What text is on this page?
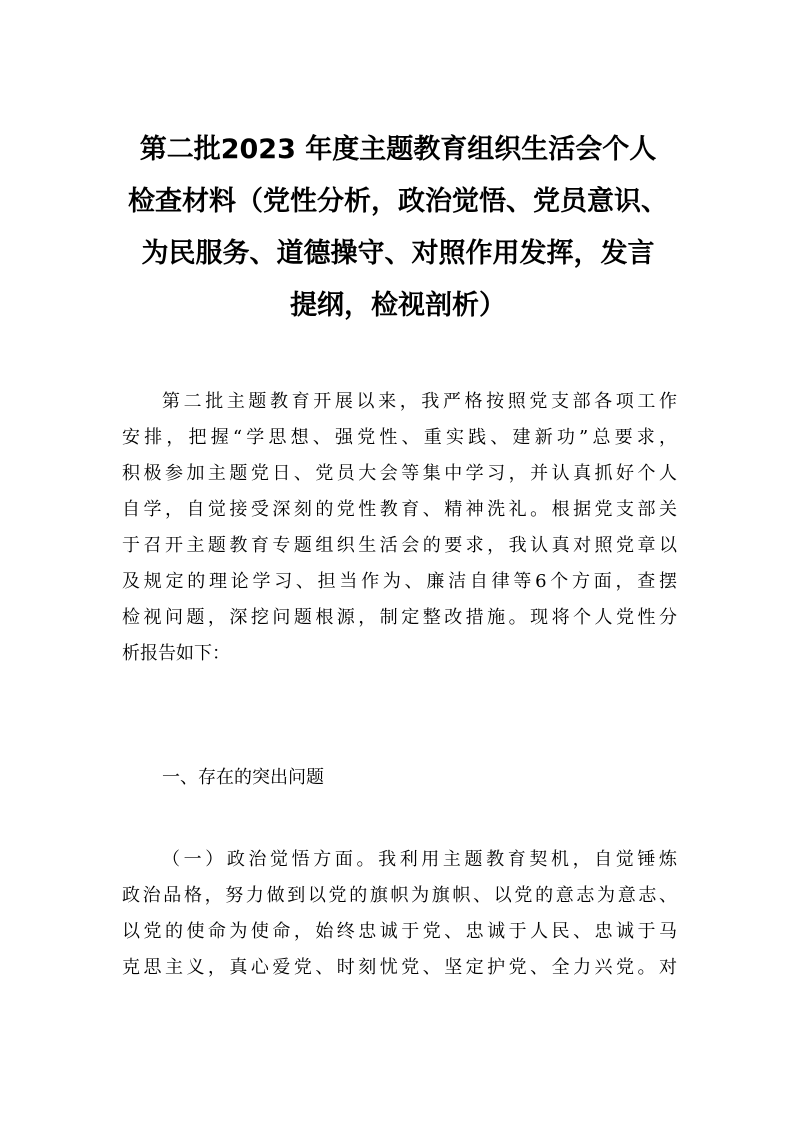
第二批2023 年度主题教育组织生活会个人
检查材料（党性分析，政治觉悟、党员意识、
为民服务、道德操守、对照作用发挥，发言
提纲，检视剖析）

第二批主题教育开展以来，我严格按照党支部各项工作
安排，把握“学思想、强党性、重实践、建新功”总要求，
积极参加主题党日、党员大会等集中学习，并认真抓好个人
自学，自觉接受深刻的党性教育、精神洗礼。根据党支部关
于召开主题教育专题组织生活会的要求，我认真对照党章以
及规定的理论学习、担当作为、廉洁自律等6个方面，查摆
检视问题，深挖问题根源，制定整改措施。现将个人党性分
析报告如下：

一、存在的突出问题

（一）政治觉悟方面。我利用主题教育契机，自觉锤炼
政治品格，努力做到以党的旗帜为旗帜、以党的意志为意志、
以党的使命为使命，始终忠诚于党、忠诚于人民、忠诚于马
克思主义，真心爱党、时刻忧党、坚定护党、全力兴党。对
